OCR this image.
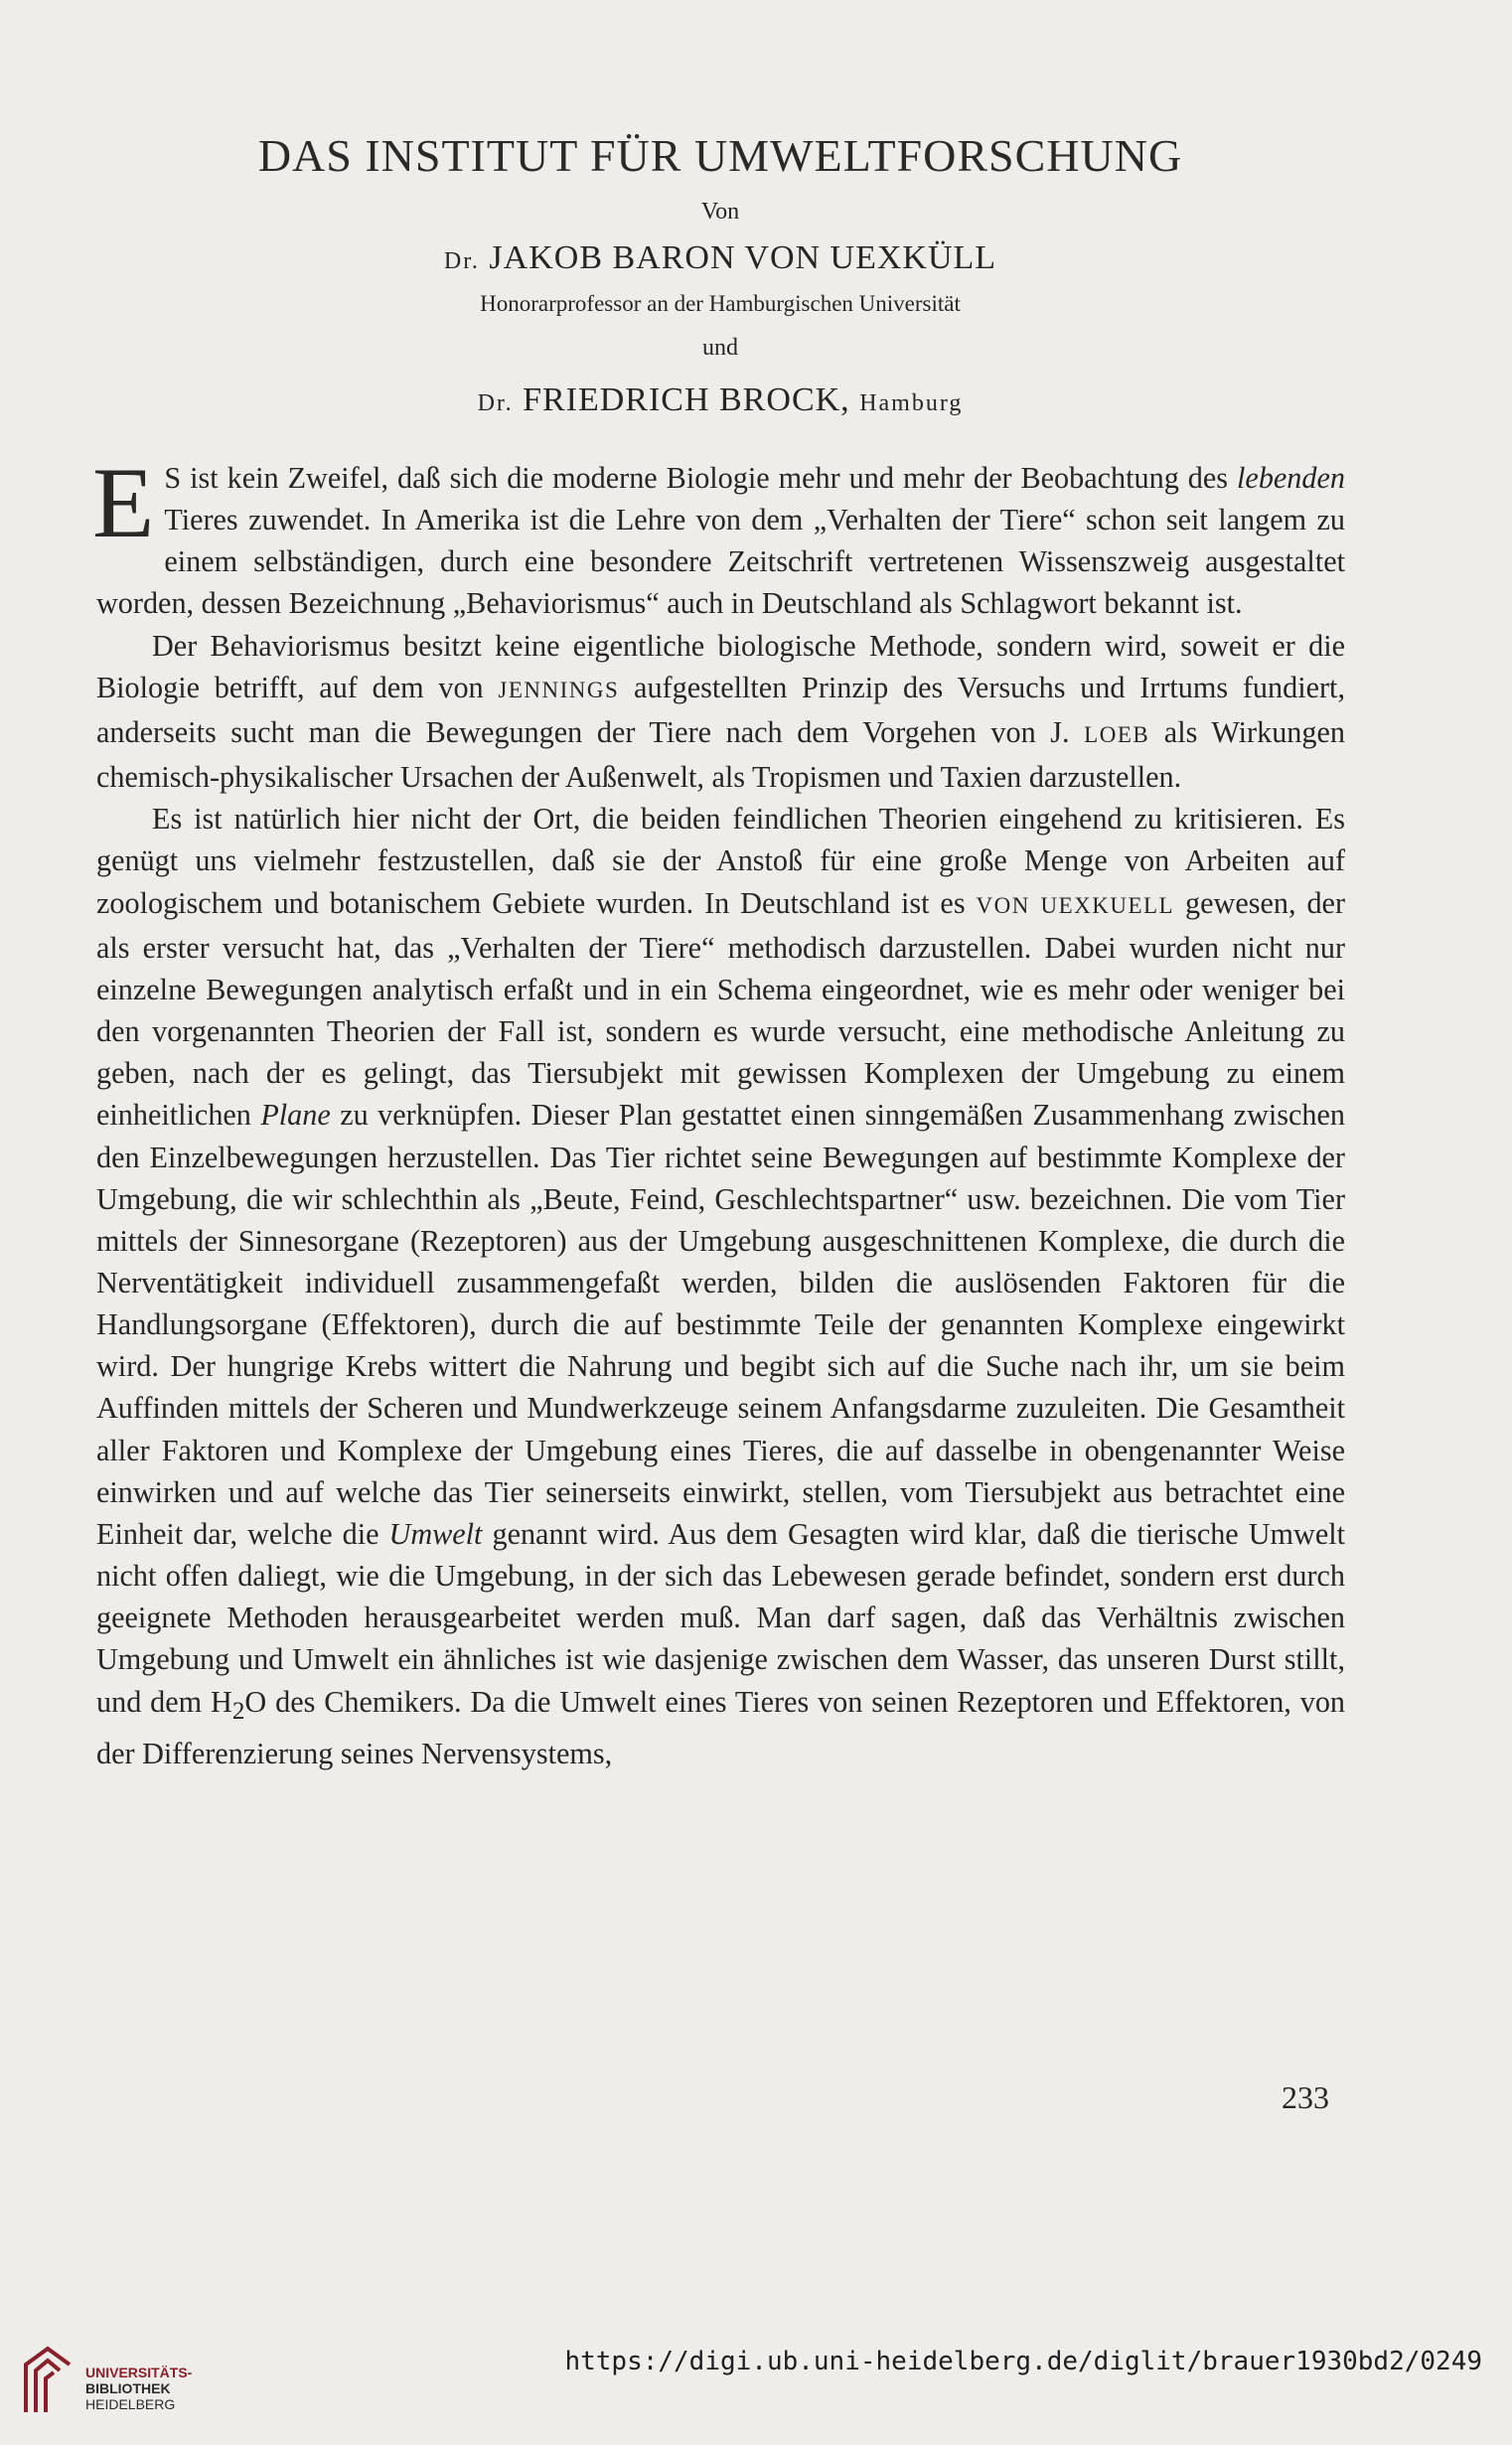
DAS INSTITUT FÜR UMWELTFORSCHUNG
Von
Dr. JAKOB BARON VON UEXKÜLL
Honorarprofessor an der Hamburgischen Universität
und
Dr. FRIEDRICH BROCK, Hamburg

E S ist kein Zweifel, daß sich die moderne Biologie mehr und mehr der Beobachtung des lebenden Tieres zuwendet. In Amerika ist die Lehre von dem „Verhalten der Tiere“ schon seit langem zu einem selbständigen, durch eine besondere Zeitschrift vertretenen Wissenszweig ausgestaltet worden, dessen Bezeichnung „Behaviorismus“ auch in Deutschland als Schlagwort bekannt ist.

Der Behaviorismus besitzt keine eigentliche biologische Methode, sondern wird, soweit er die Biologie betrifft, auf dem von JENNINGS aufgestellten Prinzip des Versuchs und Irrtums fundiert, anderseits sucht man die Bewegungen der Tiere nach dem Vorgehen von J. LOEB als Wirkungen chemisch-physikalischer Ursachen der Außenwelt, als Tropismen und Taxien darzustellen.

Es ist natürlich hier nicht der Ort, die beiden feindlichen Theorien eingehend zu kritisieren. Es genügt uns vielmehr festzustellen, daß sie der Anstoß für eine große Menge von Arbeiten auf zoologischem und botanischem Gebiete wurden. In Deutschland ist es VON UEXKUELL gewesen, der als erster versucht hat, das „Verhalten der Tiere“ methodisch darzustellen. Dabei wurden nicht nur einzelne Bewegungen analytisch erfaßt und in ein Schema eingeordnet, wie es mehr oder weniger bei den vorgenannten Theorien der Fall ist, sondern es wurde versucht, eine methodische Anleitung zu geben, nach der es gelingt, das Tiersubjekt mit gewissen Komplexen der Umgebung zu einem einheitlichen Plane zu verknüpfen. Dieser Plan gestattet einen sinngemäßen Zusammenhang zwischen den Einzelbewegungen herzustellen. Das Tier richtet seine Bewegungen auf bestimmte Komplexe der Umgebung, die wir schlechthin als „Beute, Feind, Geschlechtspartner“ usw. bezeichnen. Die vom Tier mittels der Sinnesorgane (Rezeptoren) aus der Umgebung ausgeschnittenen Komplexe, die durch die Nerventätigkeit individuell zusammengefaßt werden, bilden die auslösenden Faktoren für die Handlungsorgane (Effektoren), durch die auf bestimmte Teile der genannten Komplexe eingewirkt wird. Der hungrige Krebs wittert die Nahrung und begibt sich auf die Suche nach ihr, um sie beim Auffinden mittels der Scheren und Mundwerkzeuge seinem Anfangsdarme zuzuleiten. Die Gesamtheit aller Faktoren und Komplexe der Umgebung eines Tieres, die auf dasselbe in obengenannter Weise einwirken und auf welche das Tier seinerseits einwirkt, stellen, vom Tiersubjekt aus betrachtet eine Einheit dar, welche die Umwelt genannt wird. Aus dem Gesagten wird klar, daß die tierische Umwelt nicht offen daliegt, wie die Umgebung, in der sich das Lebewesen gerade befindet, sondern erst durch geeignete Methoden herausgearbeitet werden muß. Man darf sagen, daß das Verhältnis zwischen Umgebung und Umwelt ein ähnliches ist wie dasjenige zwischen dem Wasser, das unseren Durst stillt, und dem $H_2O$ des Chemikers. Da die Umwelt eines Tieres von seinen Rezeptoren und Effektoren, von der Differenzierung seines Nervensystems,

233
UNIVERSITÄTS-
BIBLIOTHEK
HEIDELBERG
https://digi.ub.uni-heidelberg.de/diglit/brauer1930bd2/0249
